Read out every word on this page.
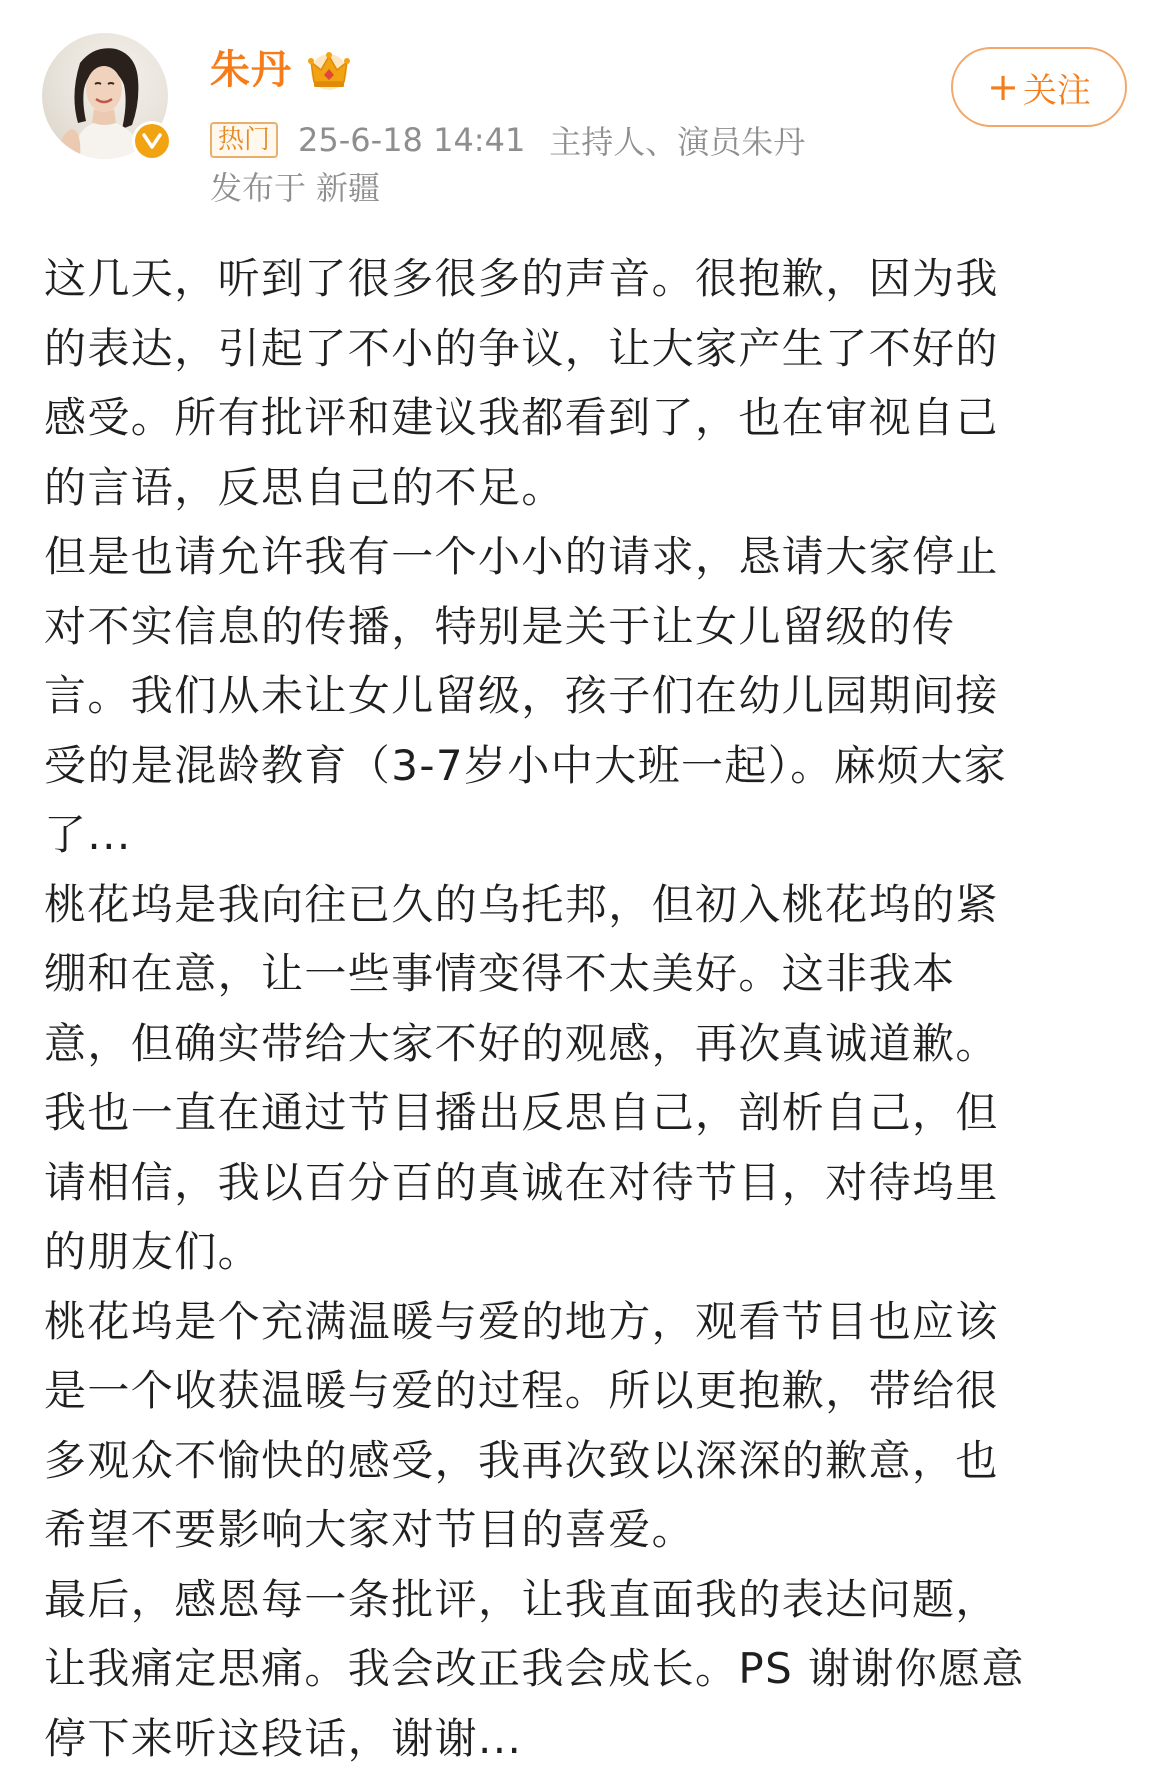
朱丹	+ 关注
热门 25-6-18 14:41 主持人、演员朱丹
发布于 新疆
这几天，听到了很多很多的声音。很抱歉，因为我
的表达，引起了不小的争议，让大家产生了不好的
感受。所有批评和建议我都看到了，也在审视自己
的言语，反思自己的不足。
但是也请允许我有一个小小的请求，恳请大家停止
对不实信息的传播，特别是关于让女儿留级的传
言。我们从未让女儿留级，孩子们在幼儿园期间接
受的是混龄教育（3-7岁小中大班一起）。麻烦大家
了...
桃花坞是我向往已久的乌托邦，但初入桃花坞的紧
绷和在意，让一些事情变得不太美好。这非我本
意，但确实带给大家不好的观感，再次真诚道歉。
我也一直在通过节目播出反思自己，剖析自己，但
请相信，我以百分百的真诚在对待节目，对待坞里
的朋友们。
桃花坞是个充满温暖与爱的地方，观看节目也应该
是一个收获温暖与爱的过程。所以更抱歉，带给很
多观众不愉快的感受，我再次致以深深的歉意，也
希望不要影响大家对节目的喜爱。
最后，感恩每一条批评，让我直面我的表达问题，
让我痛定思痛。我会改正我会成长。PS 谢谢你愿意
停下来听这段话，谢谢...
